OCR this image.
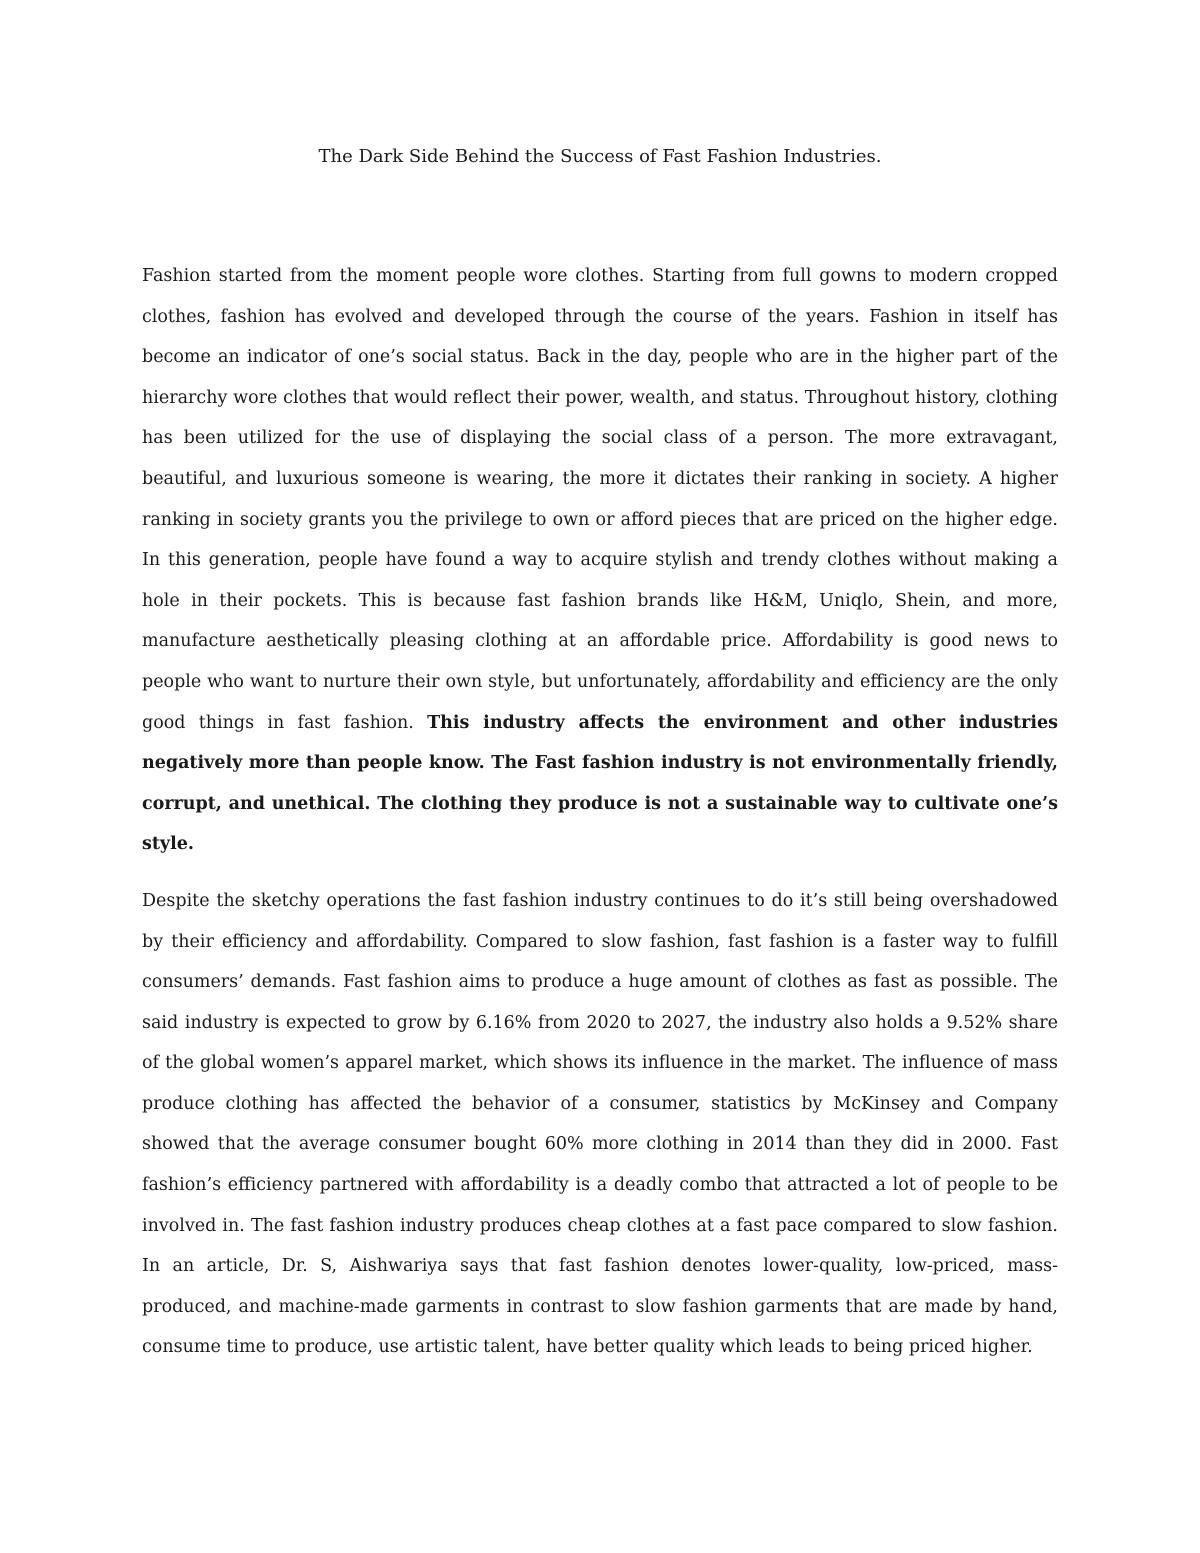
The Dark Side Behind the Success of Fast Fashion Industries.

Fashion started from the moment people wore clothes. Starting from full gowns to modern cropped clothes, fashion has evolved and developed through the course of the years. Fashion in itself has become an indicator of one’s social status. Back in the day, people who are in the higher part of the hierarchy wore clothes that would reflect their power, wealth, and status. Throughout history, clothing has been utilized for the use of displaying the social class of a person. The more extravagant, beautiful, and luxurious someone is wearing, the more it dictates their ranking in society. A higher ranking in society grants you the privilege to own or afford pieces that are priced on the higher edge. In this generation, people have found a way to acquire stylish and trendy clothes without making a hole in their pockets. This is because fast fashion brands like H&M, Uniqlo, Shein, and more, manufacture aesthetically pleasing clothing at an affordable price. Affordability is good news to people who want to nurture their own style, but unfortunately, affordability and efficiency are the only good things in fast fashion. This industry affects the environment and other industries negatively more than people know. The Fast fashion industry is not environmentally friendly, corrupt, and unethical. The clothing they produce is not a sustainable way to cultivate one’s style.

Despite the sketchy operations the fast fashion industry continues to do it’s still being overshadowed by their efficiency and affordability. Compared to slow fashion, fast fashion is a faster way to fulfill consumers’ demands. Fast fashion aims to produce a huge amount of clothes as fast as possible. The said industry is expected to grow by 6.16% from 2020 to 2027, the industry also holds a 9.52% share of the global women’s apparel market, which shows its influence in the market. The influence of mass produce clothing has affected the behavior of a consumer, statistics by McKinsey and Company showed that the average consumer bought 60% more clothing in 2014 than they did in 2000. Fast fashion’s efficiency partnered with affordability is a deadly combo that attracted a lot of people to be involved in. The fast fashion industry produces cheap clothes at a fast pace compared to slow fashion. In an article, Dr. S, Aishwariya says that fast fashion denotes lower-quality, low-priced, mass-produced, and machine-made garments in contrast to slow fashion garments that are made by hand, consume time to produce, use artistic talent, have better quality which leads to being priced higher.
